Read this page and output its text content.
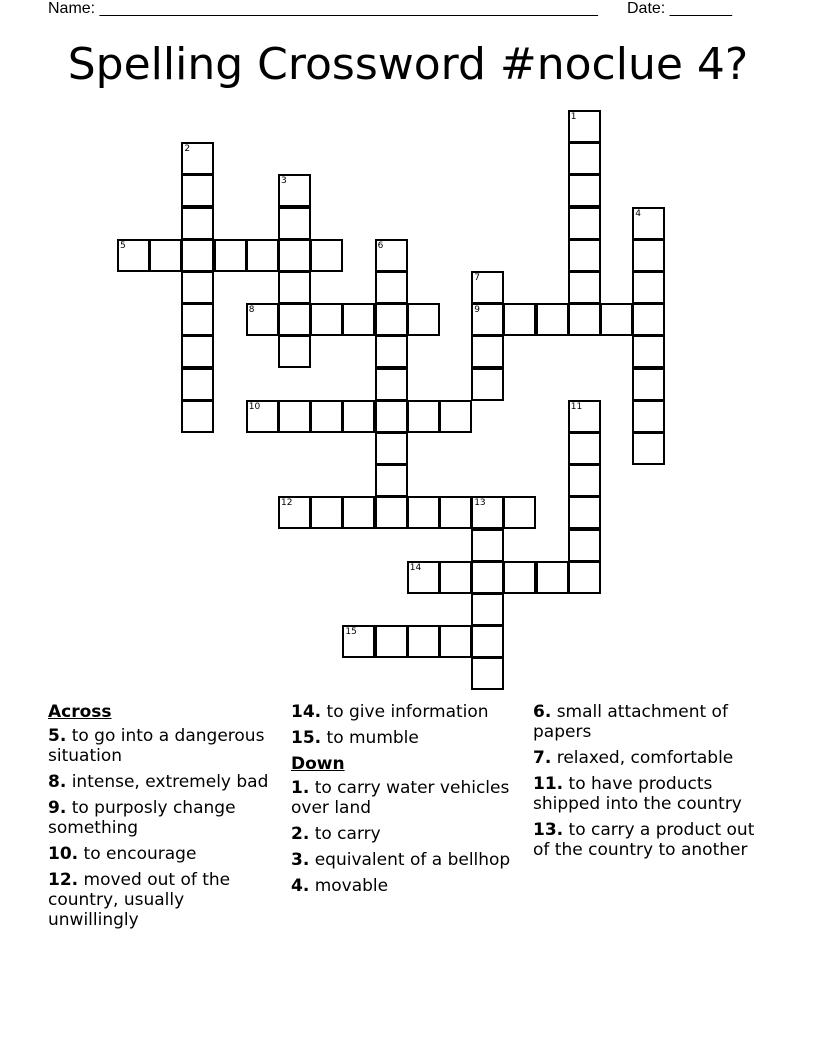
Name: ________________________________________________________ Date: _______
Spelling Crossword #noclue 4?
1
2
3
4
5	6
7
9
8
10	11
12	13
14
15
Across
5. to go into a dangerous situation
8. intense, extremely bad
9. to purposly change something
10. to encourage
12. moved out of the country, usually unwillingly
14. to give information
15. to mumble
Down
1. to carry water vehicles over land
2. to carry
3. equivalent of a bellhop
4. movable
6. small attachment of papers
7. relaxed, comfortable
11. to have products shipped into the country
13. to carry a product out of the country to another
